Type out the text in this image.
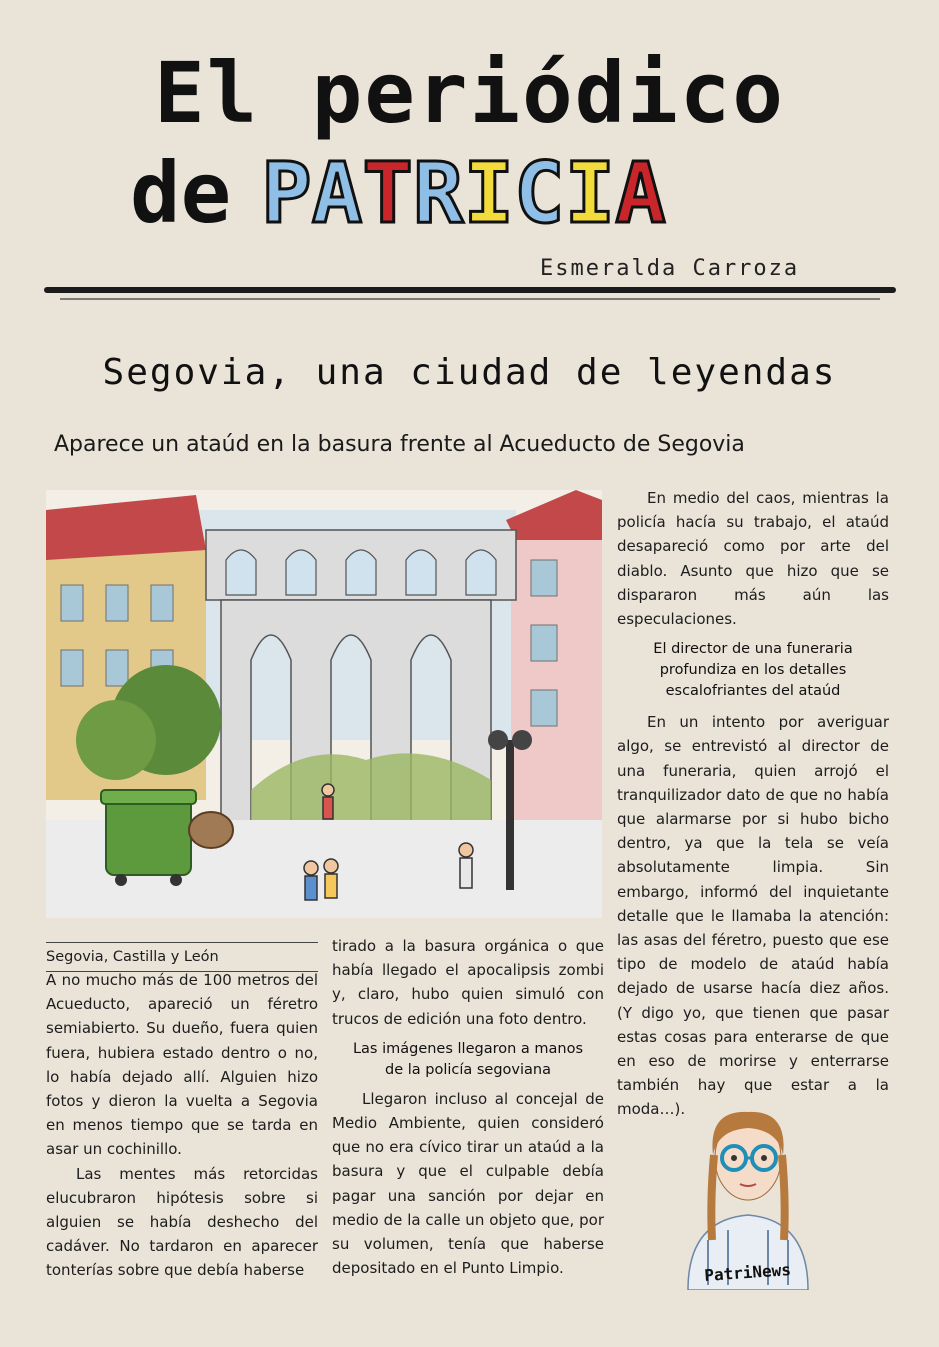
El periódico
de PATRICIA
Esmeralda Carroza
Segovia, una ciudad de leyendas
Aparece un ataúd en la basura frente al Acueducto de Segovia
Segovia, Castilla y León

A no mucho más de 100 metros del Acueducto, apareció un féretro semiabierto. Su dueño, fuera quien fuera, hubiera estado dentro o no, lo había dejado allí. Alguien hizo fotos y dieron la vuelta a Segovia en menos tiempo que se tarda en asar un cochinillo.

Las mentes más retorcidas elucubraron hipótesis sobre si alguien se había deshecho del cadáver. No tardaron en aparecer tonterías sobre que debía haberse

tirado a la basura orgánica o que había llegado el apocalipsis zombi y, claro, hubo quien simuló con trucos de edición una foto dentro.

Las imágenes llegaron a manos de la policía segoviana

Llegaron incluso al concejal de Medio Ambiente, quien consideró que no era cívico tirar un ataúd a la basura y que el culpable debía pagar una sanción por dejar en medio de la calle un objeto que, por su volumen, tenía que haberse depositado en el Punto Limpio.

En medio del caos, mientras la policía hacía su trabajo, el ataúd desapareció como por arte del diablo. Asunto que hizo que se dispararon más aún las especulaciones.

El director de una funeraria profundiza en los detalles escalofriantes del ataúd

En un intento por averiguar algo, se entrevistó al director de una funeraria, quien arrojó el tranquilizador dato de que no había que alarmarse por si hubo bicho dentro, ya que la tela se veía absolutamente limpia. Sin embargo, informó del inquietante detalle que le llamaba la atención: las asas del féretro, puesto que ese tipo de modelo de ataúd había dejado de usarse hacía diez años. (Y digo yo, que tienen que pasar estas cosas para enterarse de que en eso de morirse y enterrarse también hay que estar a la moda…).

PatriNews
